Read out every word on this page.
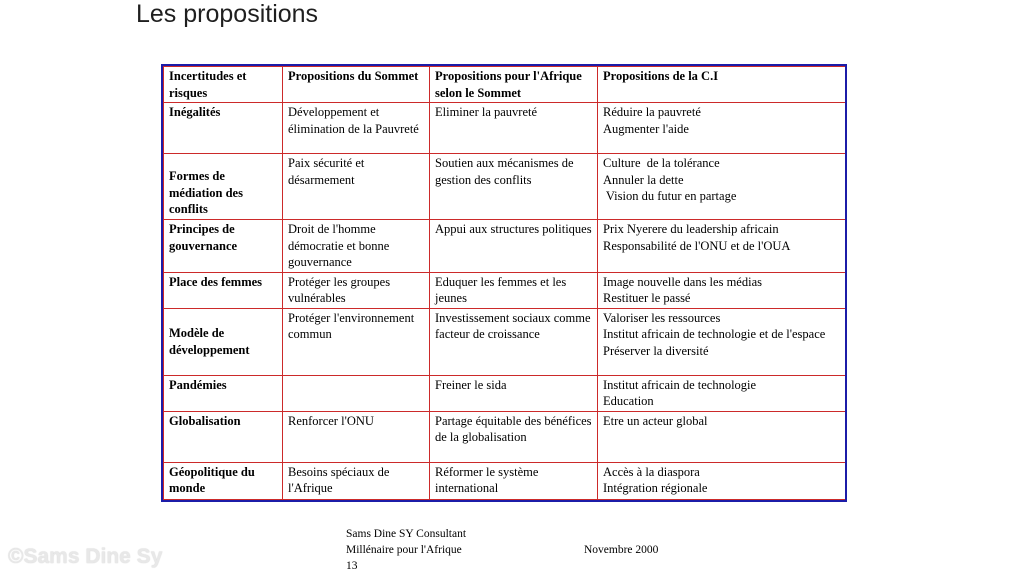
Les propositions
Incertitudes et risques	Propositions du Sommet	Propositions pour l'Afrique selon le Sommet	Propositions de la C.I
Inégalités	Développement et élimination de la Pauvreté	Eliminer la pauvreté	Réduire la pauvreté
Augmenter l'aide

Formes de médiation des conflits	Paix sécurité et désarmement	Soutien aux mécanismes de gestion des conflits	Culture  de la tolérance
Annuler la dette
Vision du futur en partage

Principes de gouvernance	Droit de l'homme démocratie et bonne gouvernance	Appui aux structures politiques	Prix Nyerere du leadership africain
Responsabilité de l'ONU et de l'OUA

Place des femmes	Protéger les groupes vulnérables	Eduquer les femmes et les jeunes	Image nouvelle dans les médias
Restituer le passé

Modèle de développement	Protéger l'environnement commun	Investissement sociaux comme facteur de croissance	Valoriser les ressources
Institut africain de technologie et de l'espace
Préserver la diversité

Pandémies		Freiner le sida	Institut africain de technologie
Education

Globalisation	Renforcer l'ONU	Partage équitable des bénéfices de la globalisation	Etre un acteur global

Géopolitique du monde	Besoins spéciaux de l'Afrique	Réformer le système international	Accès à la diaspora
Intégration régionale
Sams Dine SY Consultant
Millénaire pour l'Afrique
13
Novembre 2000
©Sams Dine Sy
